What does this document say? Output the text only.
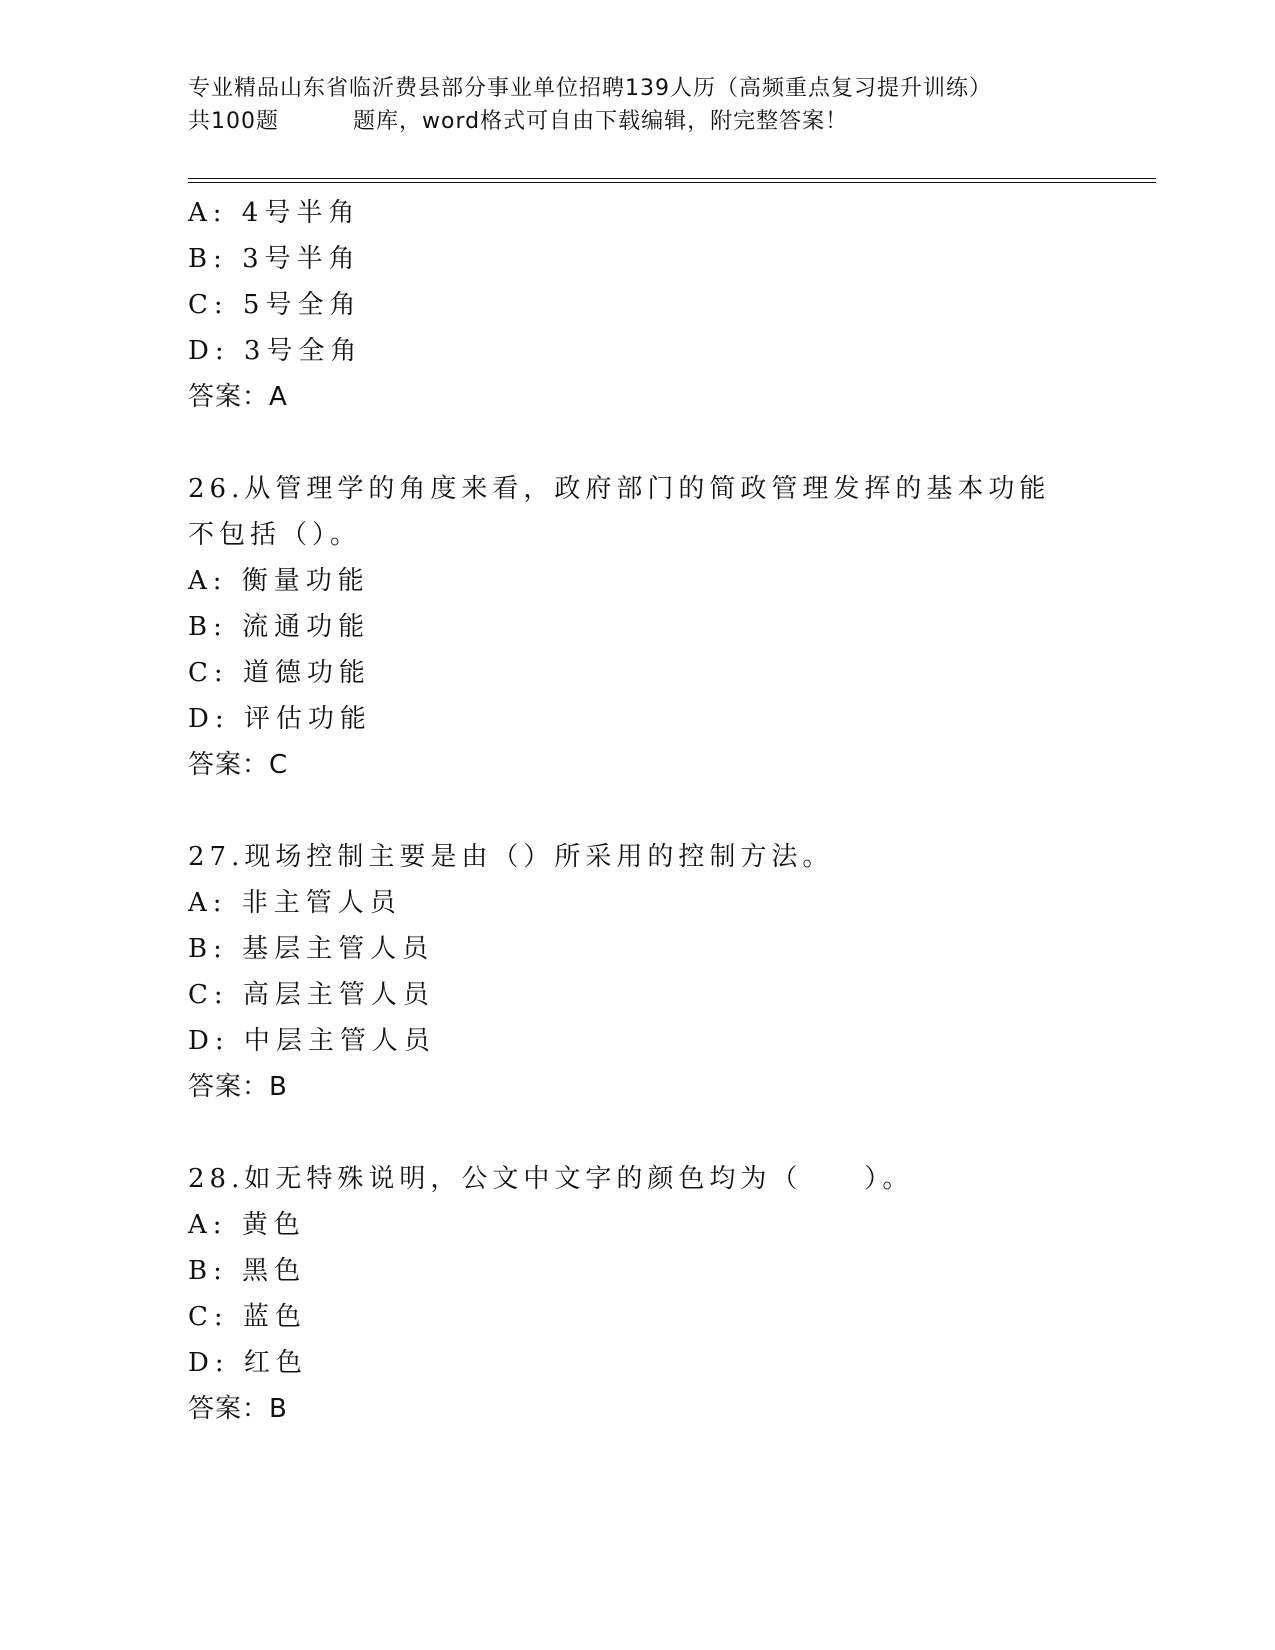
专业精品山东省临沂费县部分事业单位招聘139人历（高频重点复习提升训练）
共100题	题库，word格式可自由下载编辑，附完整答案！
A: 4号半角
B: 3号半角
C: 5号全角
D: 3号全角
答案：A
26.从管理学的角度来看，政府部门的简政管理发挥的基本功能不包括（）。
A: 衡量功能
B: 流通功能
C: 道德功能
D: 评估功能
答案：C
27.现场控制主要是由（）所采用的控制方法。
A: 非主管人员
B: 基层主管人员
C: 高层主管人员
D: 中层主管人员
答案：B
28.如无特殊说明，公文中文字的颜色均为（　　）。
A: 黄色
B: 黑色
C: 蓝色
D: 红色
答案：B
